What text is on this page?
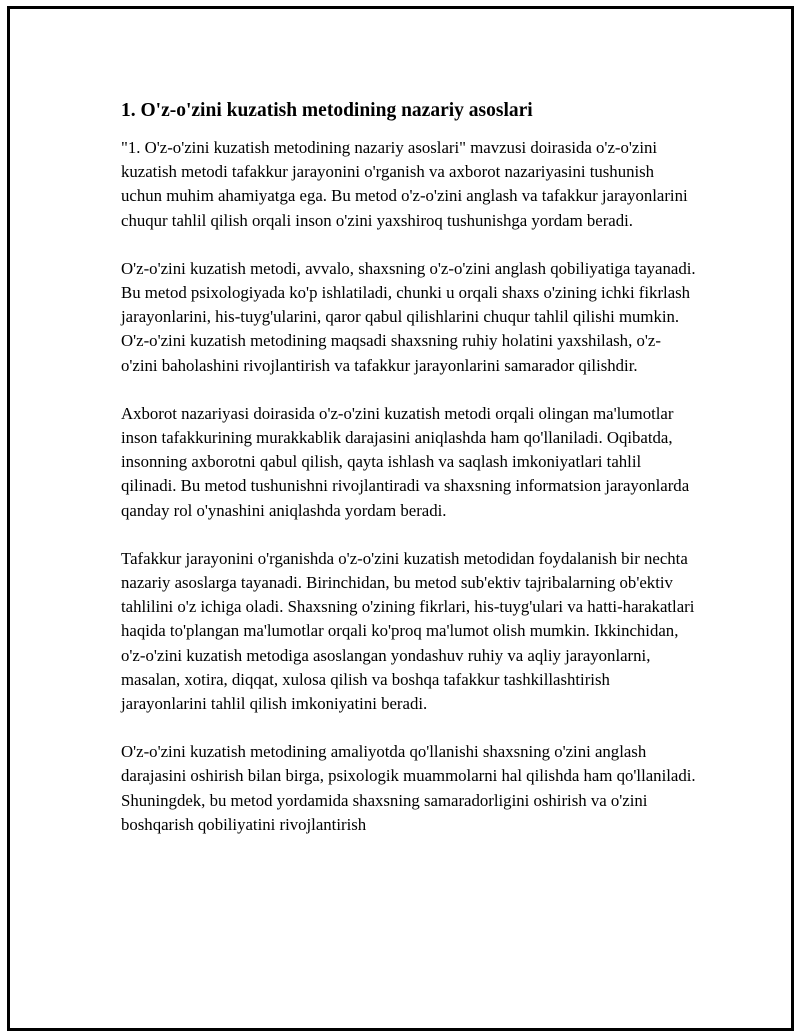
1. O'z-o'zini kuzatish metodining nazariy asoslari

"1. O'z-o'zini kuzatish metodining nazariy asoslari" mavzusi doirasida o'z-o'zini kuzatish metodi tafakkur jarayonini o'rganish va axborot nazariyasini tushunish uchun muhim ahamiyatga ega. Bu metod o'z-o'zini anglash va tafakkur jarayonlarini chuqur tahlil qilish orqali inson o'zini yaxshiroq tushunishga yordam beradi.

O'z-o'zini kuzatish metodi, avvalo, shaxsning o'z-o'zini anglash qobiliyatiga tayanadi. Bu metod psixologiyada ko'p ishlatiladi, chunki u orqali shaxs o'zining ichki fikrlash jarayonlarini, his-tuyg'ularini, qaror qabul qilishlarini chuqur tahlil qilishi mumkin. O'z-o'zini kuzatish metodining maqsadi shaxsning ruhiy holatini yaxshilash, o'z-o'zini baholashini rivojlantirish va tafakkur jarayonlarini samarador qilishdir.

Axborot nazariyasi doirasida o'z-o'zini kuzatish metodi orqali olingan ma'lumotlar inson tafakkurining murakkablik darajasini aniqlashda ham qo'llaniladi. Oqibatda, insonning axborotni qabul qilish, qayta ishlash va saqlash imkoniyatlari tahlil qilinadi. Bu metod tushunishni rivojlantiradi va shaxsning informatsion jarayonlarda qanday rol o'ynashini aniqlashda yordam beradi.

Tafakkur jarayonini o'rganishda o'z-o'zini kuzatish metodidan foydalanish bir nechta nazariy asoslarga tayanadi. Birinchidan, bu metod sub'ektiv tajribalarning ob'ektiv tahlilini o'z ichiga oladi. Shaxsning o'zining fikrlari, his-tuyg'ulari va hatti-harakatlari haqida to'plangan ma'lumotlar orqali ko'proq ma'lumot olish mumkin. Ikkinchidan, o'z-o'zini kuzatish metodiga asoslangan yondashuv ruhiy va aqliy jarayonlarni, masalan, xotira, diqqat, xulosa qilish va boshqa tafakkur tashkillashtirish jarayonlarini tahlil qilish imkoniyatini beradi.

O'z-o'zini kuzatish metodining amaliyotda qo'llanishi shaxsning o'zini anglash darajasini oshirish bilan birga, psixologik muammolarni hal qilishda ham qo'llaniladi. Shuningdek, bu metod yordamida shaxsning samaradorligini oshirish va o'zini boshqarish qobiliyatini rivojlantirish
